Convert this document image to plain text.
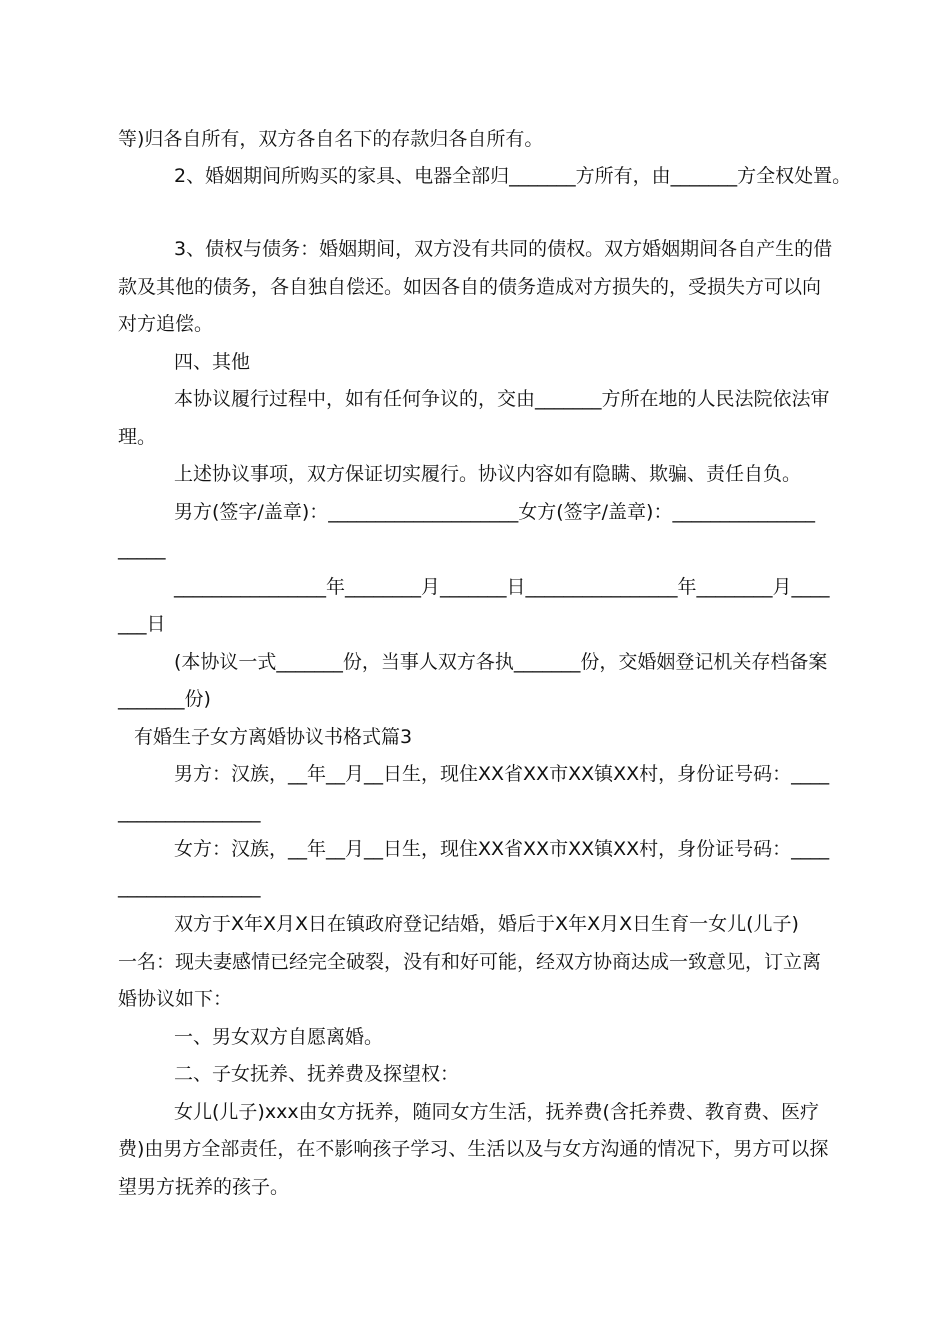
等)归各自所有，双方各自名下的存款归各自所有。
2、婚姻期间所购买的家具、电器全部归_______方所有，由_______方全权处置。
3、债权与债务：婚姻期间，双方没有共同的债权。双方婚姻期间各自产生的借
款及其他的债务，各自独自偿还。如因各自的债务造成对方损失的，受损失方可以向
对方追偿。
四、其他
本协议履行过程中，如有任何争议的，交由_______方所在地的人民法院依法审
理。
上述协议事项，双方保证切实履行。协议内容如有隐瞒、欺骗、责任自负。
男方(签字/盖章)：____________________女方(签字/盖章)：_______________
_____
________________年________月_______日________________年________月____
___日
(本协议一式_______份，当事人双方各执_______份，交婚姻登记机关存档备案
_______份)
有婚生子女方离婚协议书格式篇3
男方：汉族，__年__月__日生，现住XX省XX市XX镇XX村，身份证号码：____
_______________
女方：汉族，__年__月__日生，现住XX省XX市XX镇XX村，身份证号码：____
_______________
双方于X年X月X日在镇政府登记结婚，婚后于X年X月X日生育一女儿(儿子)
一名：现夫妻感情已经完全破裂，没有和好可能，经双方协商达成一致意见，订立离
婚协议如下：
一、男女双方自愿离婚。
二、子女抚养、抚养费及探望权：
女儿(儿子)xxx由女方抚养，随同女方生活，抚养费(含托养费、教育费、医疗
费)由男方全部责任，在不影响孩子学习、生活以及与女方沟通的情况下，男方可以探
望男方抚养的孩子。
